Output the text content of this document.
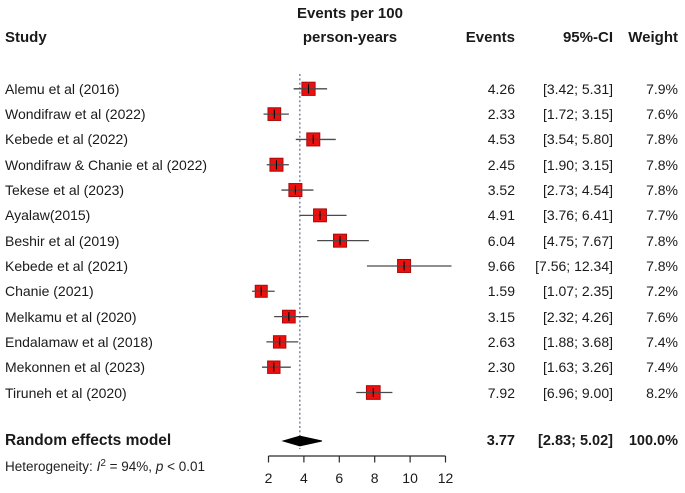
Study
Events per 100
person-years	Events	95%-CI Weight
Alemu et al (2016)	4.26 [3.42; 5.31] 7.9%
Wondifraw et al (2022)	2.33 [1.72; 3.15] 7.6%
Kebede et al (2022)	4.53 [3.54; 5.80] 7.8%
Wondifraw & Chanie et al (2022)	2.45 [1.90; 3.15] 7.8%
Tekese et al (2023)	3.52 [2.73; 4.54] 7.8%
Ayalaw(2015)	4.91 [3.76; 6.41] 7.7%
Beshir et al (2019)	6.04 [4.75; 7.67] 7.8%
Kebede et al (2021)	9.66 [7.56; 12.34] 7.8%
Chanie (2021)	1.59 [1.07; 2.35] 7.2%
Melkamu et al (2020)	3.15 [2.32; 4.26] 7.6%
Endalamaw et al (2018)	2.63 [1.88; 3.68] 7.4%
Mekonnen et al (2023)	2.30 [1.63; 3.26] 7.4%
Tiruneh et al (2020)	7.92 [6.96; 9.00] 8.2%
Random effects model	3.77 [2.83; 5.02] 100.0%
Heterogeneity: $I^2 = 94\%$, p < 0.01
2 4 6 8 10 12
